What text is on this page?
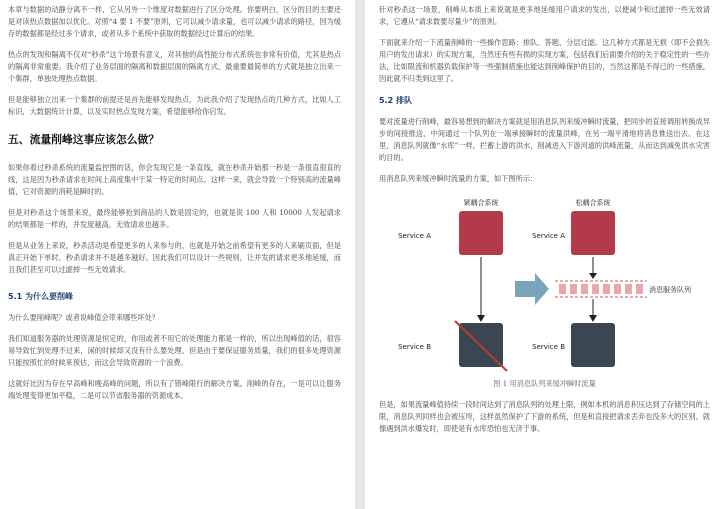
本章与数据的动静分离不一样，它从另外一个维度对数据进行了区分处理。你要明白，区分的目的主要还是对读热点数据加以优化。对照“4 要 1 不要”原则，它可以减少请求量，也可以减少请求的路径，因为缓存的数据都是经过多个请求，或者从多个系统中获取的数据经过计算后的结果。

热点的发现和隔离不仅对“秒杀”这个场景有意义，对其他的高性能分布式系统也非常有价值，尤其是热点的隔离非常重要。我介绍了业务层面的隔离和数据层面的隔离方式，最重要最简单的方式就是独立出来一个集群，单独处理热点数据。

但是能够独立出来一个集群的前提还是首先能够发现热点，为此我介绍了发现热点的几种方式，比如人工标识，大数据统计计算，以及实时热点发现方案，希望能够给你启发。

五、流量削峰这事应该怎么做？

如果你看过秒杀系统的流量监控图的话，你会发现它是一条直线，就在秒杀开始那一秒是一条很直很直的线，这是因为秒杀请求在时间上高度集中于某一特定的时间点。这样一来，就会导致一个特别高的流量峰值，它对资源的消耗是瞬时的。

但是对秒杀这个场景来说，最终能够抢到商品的人数是固定的，也就是说 100 人和 10000 人发起请求的结果都是一样的，并发度越高，无效请求也越多。

但是从业务上来说，秒杀活动是希望更多的人来参与的，也就是开始之前希望有更多的人来刷页面，但是真正开始下单时，秒杀请求并不是越多越好。因此我们可以设计一些规则，让并发的请求更多地延缓，而且我们甚至可以过滤掉一些无效请求。

5.1 为什么要削峰

为什么要削峰呢？或者说峰值会带来哪些坏处？

我们知道服务器的处理资源是恒定的，你用或者不用它的处理能力都是一样的，所以出现峰值的话，很容易导致忙到处理不过来，闲的时候却又没有什么要处理。但是由于要保证服务质量，我们的很多处理资源只能按照忙的时候来预估，而这会导致资源的一个浪费。

这就好比因为存在早高峰和晚高峰的问题，所以有了错峰限行的解决方案。削峰的存在，一是可以让服务端处理变得更加平稳，二是可以节省服务器的资源成本。

针对秒杀这一场景，削峰从本质上来说就是更多地延缓用户请求的发出，以便减少和过滤掉一些无效请求，它遵从“请求数要尽量少”的原则。

下面就来介绍一下流量削峰的一些操作思路：排队、答题、分层过滤。这几种方式都是无损（即不会损失用户的发出请求）的实现方案，当然还有些有损的实现方案，包括我们后面要介绍的关于稳定性的一些办法，比如限流和机器负载保护等一些强制措施也能达到削峰保护的目的，当然这都是不得已的一些措施，因此就不归类到这里了。

5.2 排队

要对流量进行削峰，最容易想到的解决方案就是用消息队列来缓冲瞬时流量，把同步的直接调用转换成异步的间接推送，中间通过一个队列在一端承接瞬时的流量洪峰，在另一端平滑地将消息推送出去。在这里，消息队列就像“水库”一样，拦蓄上游的洪水，削减进入下游河道的洪峰流量，从而达到减免洪水灾害的目的。

用消息队列来缓冲瞬时流量的方案，如下图所示：

紧耦合系统
Service A
Service B
松耦合系统
Service A
消息服务队列
Service B
图 1 用消息队列来缓冲瞬时流量

但是，如果流量峰值持续一段时间达到了消息队列的处理上限，例如本机的消息积压达到了存储空间的上限，消息队列同样也会被压垮，这样虽然保护了下游的系统，但是和直接把请求丢弃也没多大的区别。就像遇到洪水爆发时，即使是有水库恐怕也无济于事。
